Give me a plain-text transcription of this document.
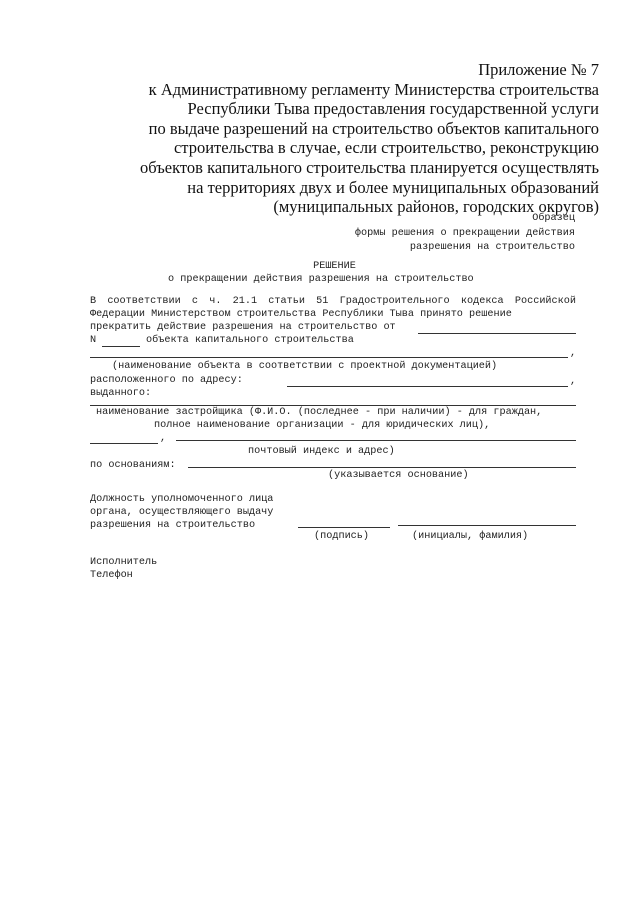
Приложение № 7
к Административному регламенту Министерства строительства
Республики Тыва предоставления государственной услуги
по выдаче разрешений на строительство объектов капитального
строительства в случае, если строительство, реконструкцию
объектов капитального строительства планируется осуществлять
на территориях двух и более муниципальных образований
(муниципальных районов, городских округов)
Образец
формы решения о прекращении действия
разрешения на строительство
РЕШЕНИЕ
о прекращении действия разрешения на строительство
В соответствии с ч. 21.1 статьи 51 Градостроительного кодекса Российской
Федерации Министерством строительства Республики Тыва принято решение
прекратить действие разрешения на строительство от
N	объекта капитального строительства
,
(наименование объекта в соответствии с проектной документацией)
расположенного по адресу:	,
выданного:
наименование застройщика (Ф.И.О. (последнее - при наличии) - для граждан,
полное наименование организации - для юридических лиц),
,
почтовый индекс и адрес)
по основаниям:
(указывается основание)
Должность уполномоченного лица
органа, осуществляющего выдачу
разрешения на строительство
(подпись)	(инициалы, фамилия)
Исполнитель
Телефон
